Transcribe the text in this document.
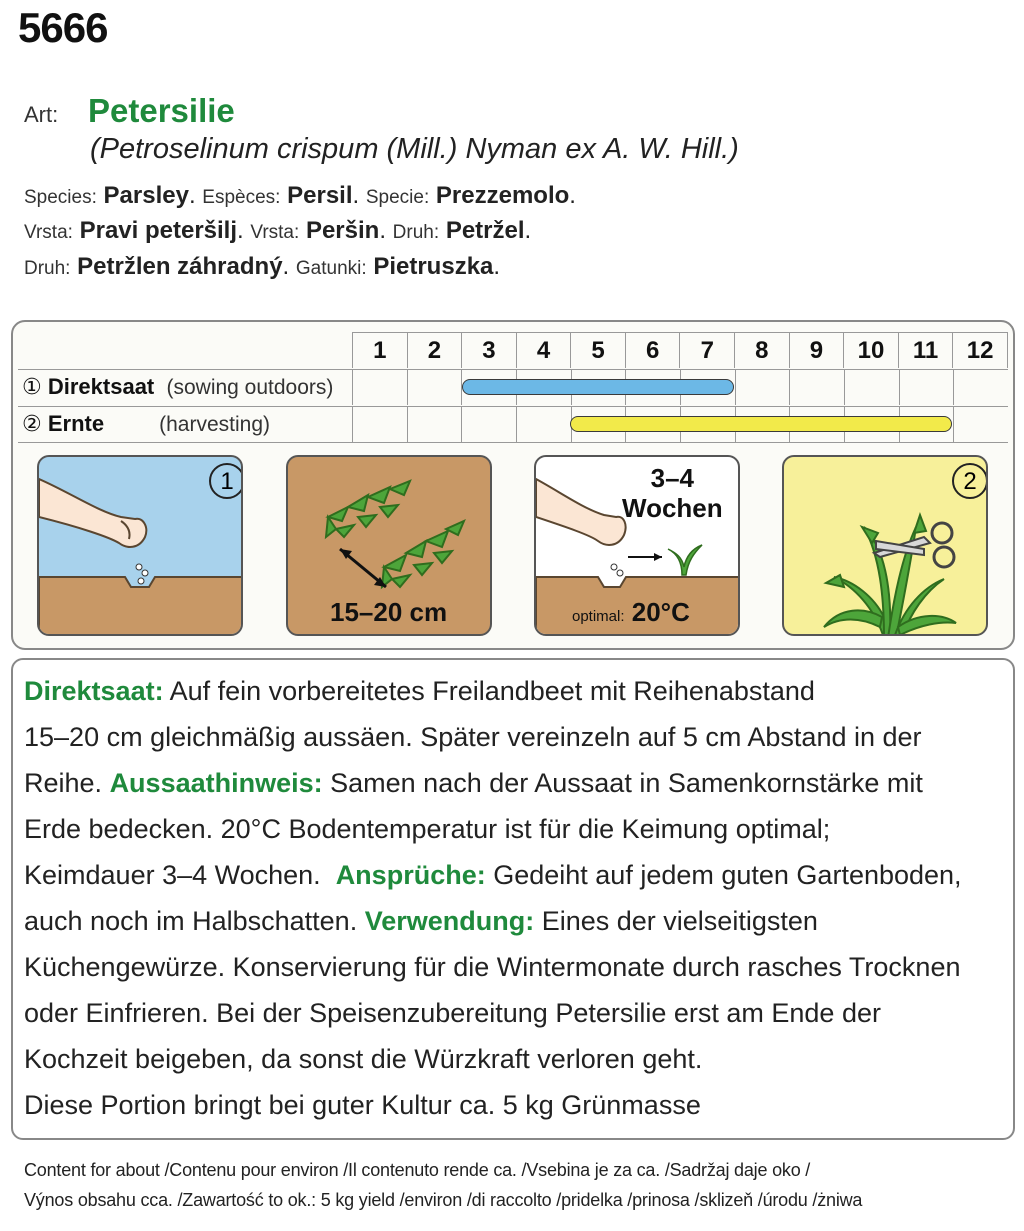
5666
Art: Petersilie
(Petroselinum crispum (Mill.) Nyman ex A. W. Hill.)
Species: Parsley. Espèces: Persil. Specie: Prezzemolo.
Vrsta: Pravi peteršilj. Vrsta: Peršin. Druh: Petržel.
Druh: Petržlen záhradný. Gatunki: Pietruszka.
1	2	3	4	5	6	7	8	9	10	11	12
① Direktsaat (sowing outdoors)
② Ernte	(harvesting)
1
15–20 cm
3–4
Wochen
optimal: 20°C
2
Direktsaat: Auf fein vorbereitetes Freilandbeet mit Reihenabstand
15–20 cm gleichmäßig aussäen. Später vereinzeln auf 5 cm Abstand in der
Reihe. Aussaathinweis: Samen nach der Aussaat in Samenkornstärke mit
Erde bedecken. 20°C Bodentemperatur ist für die Keimung optimal;
Keimdauer 3–4 Wochen.  Ansprüche: Gedeiht auf jedem guten Gartenboden,
auch noch im Halbschatten. Verwendung: Eines der vielseitigsten
Küchengewürze. Konservierung für die Wintermonate durch rasches Trocknen
oder Einfrieren. Bei der Speisenzubereitung Petersilie erst am Ende der
Kochzeit beigeben, da sonst die Würzkraft verloren geht.
Diese Portion bringt bei guter Kultur ca. 5 kg Grünmasse
Content for about /Contenu pour environ /Il contenuto rende ca. /Vsebina je za ca. /Sadržaj daje oko /
Výnos obsahu cca. /Zawartość to ok.: 5 kg yield /environ /di raccolto /pridelka /prinosa /sklizeň /úrodu /żniwa
